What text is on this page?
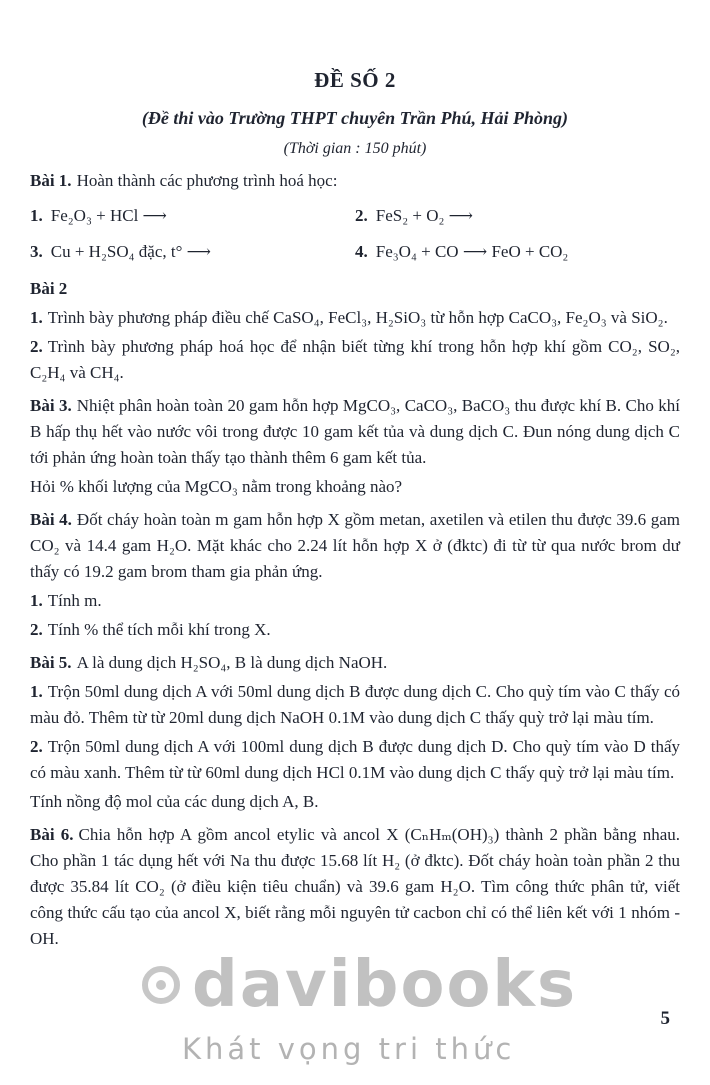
ĐỀ SỐ 2
(Đề thi vào Trường THPT chuyên Trần Phú, Hải Phòng)
(Thời gian : 150 phút)

Bài 1. Hoàn thành các phương trình hoá học:

1. Fe₂O₃ + HCl ⟶	2. FeS₂ + O₂ ⟶
3. Cu + H₂SO₄ đặc, t° ⟶	4. Fe₃O₄ + CO ⟶ FeO + CO₂

Bài 2

1. Trình bày phương pháp điều chế CaSO₄, FeCl₃, H₂SiO₃ từ hỗn hợp CaCO₃, Fe₂O₃ và SiO₂.

2. Trình bày phương pháp hoá học để nhận biết từng khí trong hỗn hợp khí gồm CO₂, SO₂, C₂H₄ và CH₄.

Bài 3. Nhiệt phân hoàn toàn 20 gam hỗn hợp MgCO₃, CaCO₃, BaCO₃ thu được khí B. Cho khí B hấp thụ hết vào nước vôi trong được 10 gam kết tủa và dung dịch C. Đun nóng dung dịch C tới phản ứng hoàn toàn thấy tạo thành thêm 6 gam kết tủa.

Hỏi % khối lượng của MgCO₃ nằm trong khoảng nào?

Bài 4. Đốt cháy hoàn toàn m gam hỗn hợp X gồm metan, axetilen và etilen thu được 39.6 gam CO₂ và 14.4 gam H₂O. Mặt khác cho 2.24 lít hỗn hợp X ở (đktc) đi từ từ qua nước brom dư thấy có 19.2 gam brom tham gia phản ứng.

1. Tính m.

2. Tính % thể tích mỗi khí trong X.

Bài 5. A là dung dịch H₂SO₄, B là dung dịch NaOH.

1. Trộn 50ml dung dịch A với 50ml dung dịch B được dung dịch C. Cho quỳ tím vào C thấy có màu đỏ. Thêm từ từ 20ml dung dịch NaOH 0.1M vào dung dịch C thấy quỳ trở lại màu tím.

2. Trộn 50ml dung dịch A với 100ml dung dịch B được dung dịch D. Cho quỳ tím vào D thấy có màu xanh. Thêm từ từ 60ml dung dịch HCl 0.1M vào dung dịch C thấy quỳ trở lại màu tím.

Tính nồng độ mol của các dung dịch A, B.

Bài 6. Chia hỗn hợp A gồm ancol etylic và ancol X (CₙHₘ(OH)₃) thành 2 phần bằng nhau. Cho phần 1 tác dụng hết với Na thu được 15.68 lít H₂ (ở đktc). Đốt cháy hoàn toàn phần 2 thu được 35.84 lít CO₂ (ở điều kiện tiêu chuẩn) và 39.6 gam H₂O. Tìm công thức phân tử, viết công thức cấu tạo của ancol X, biết rằng mỗi nguyên tử cacbon chỉ có thể liên kết với 1 nhóm - OH.

davibooks
Khát vọng tri thức
5
